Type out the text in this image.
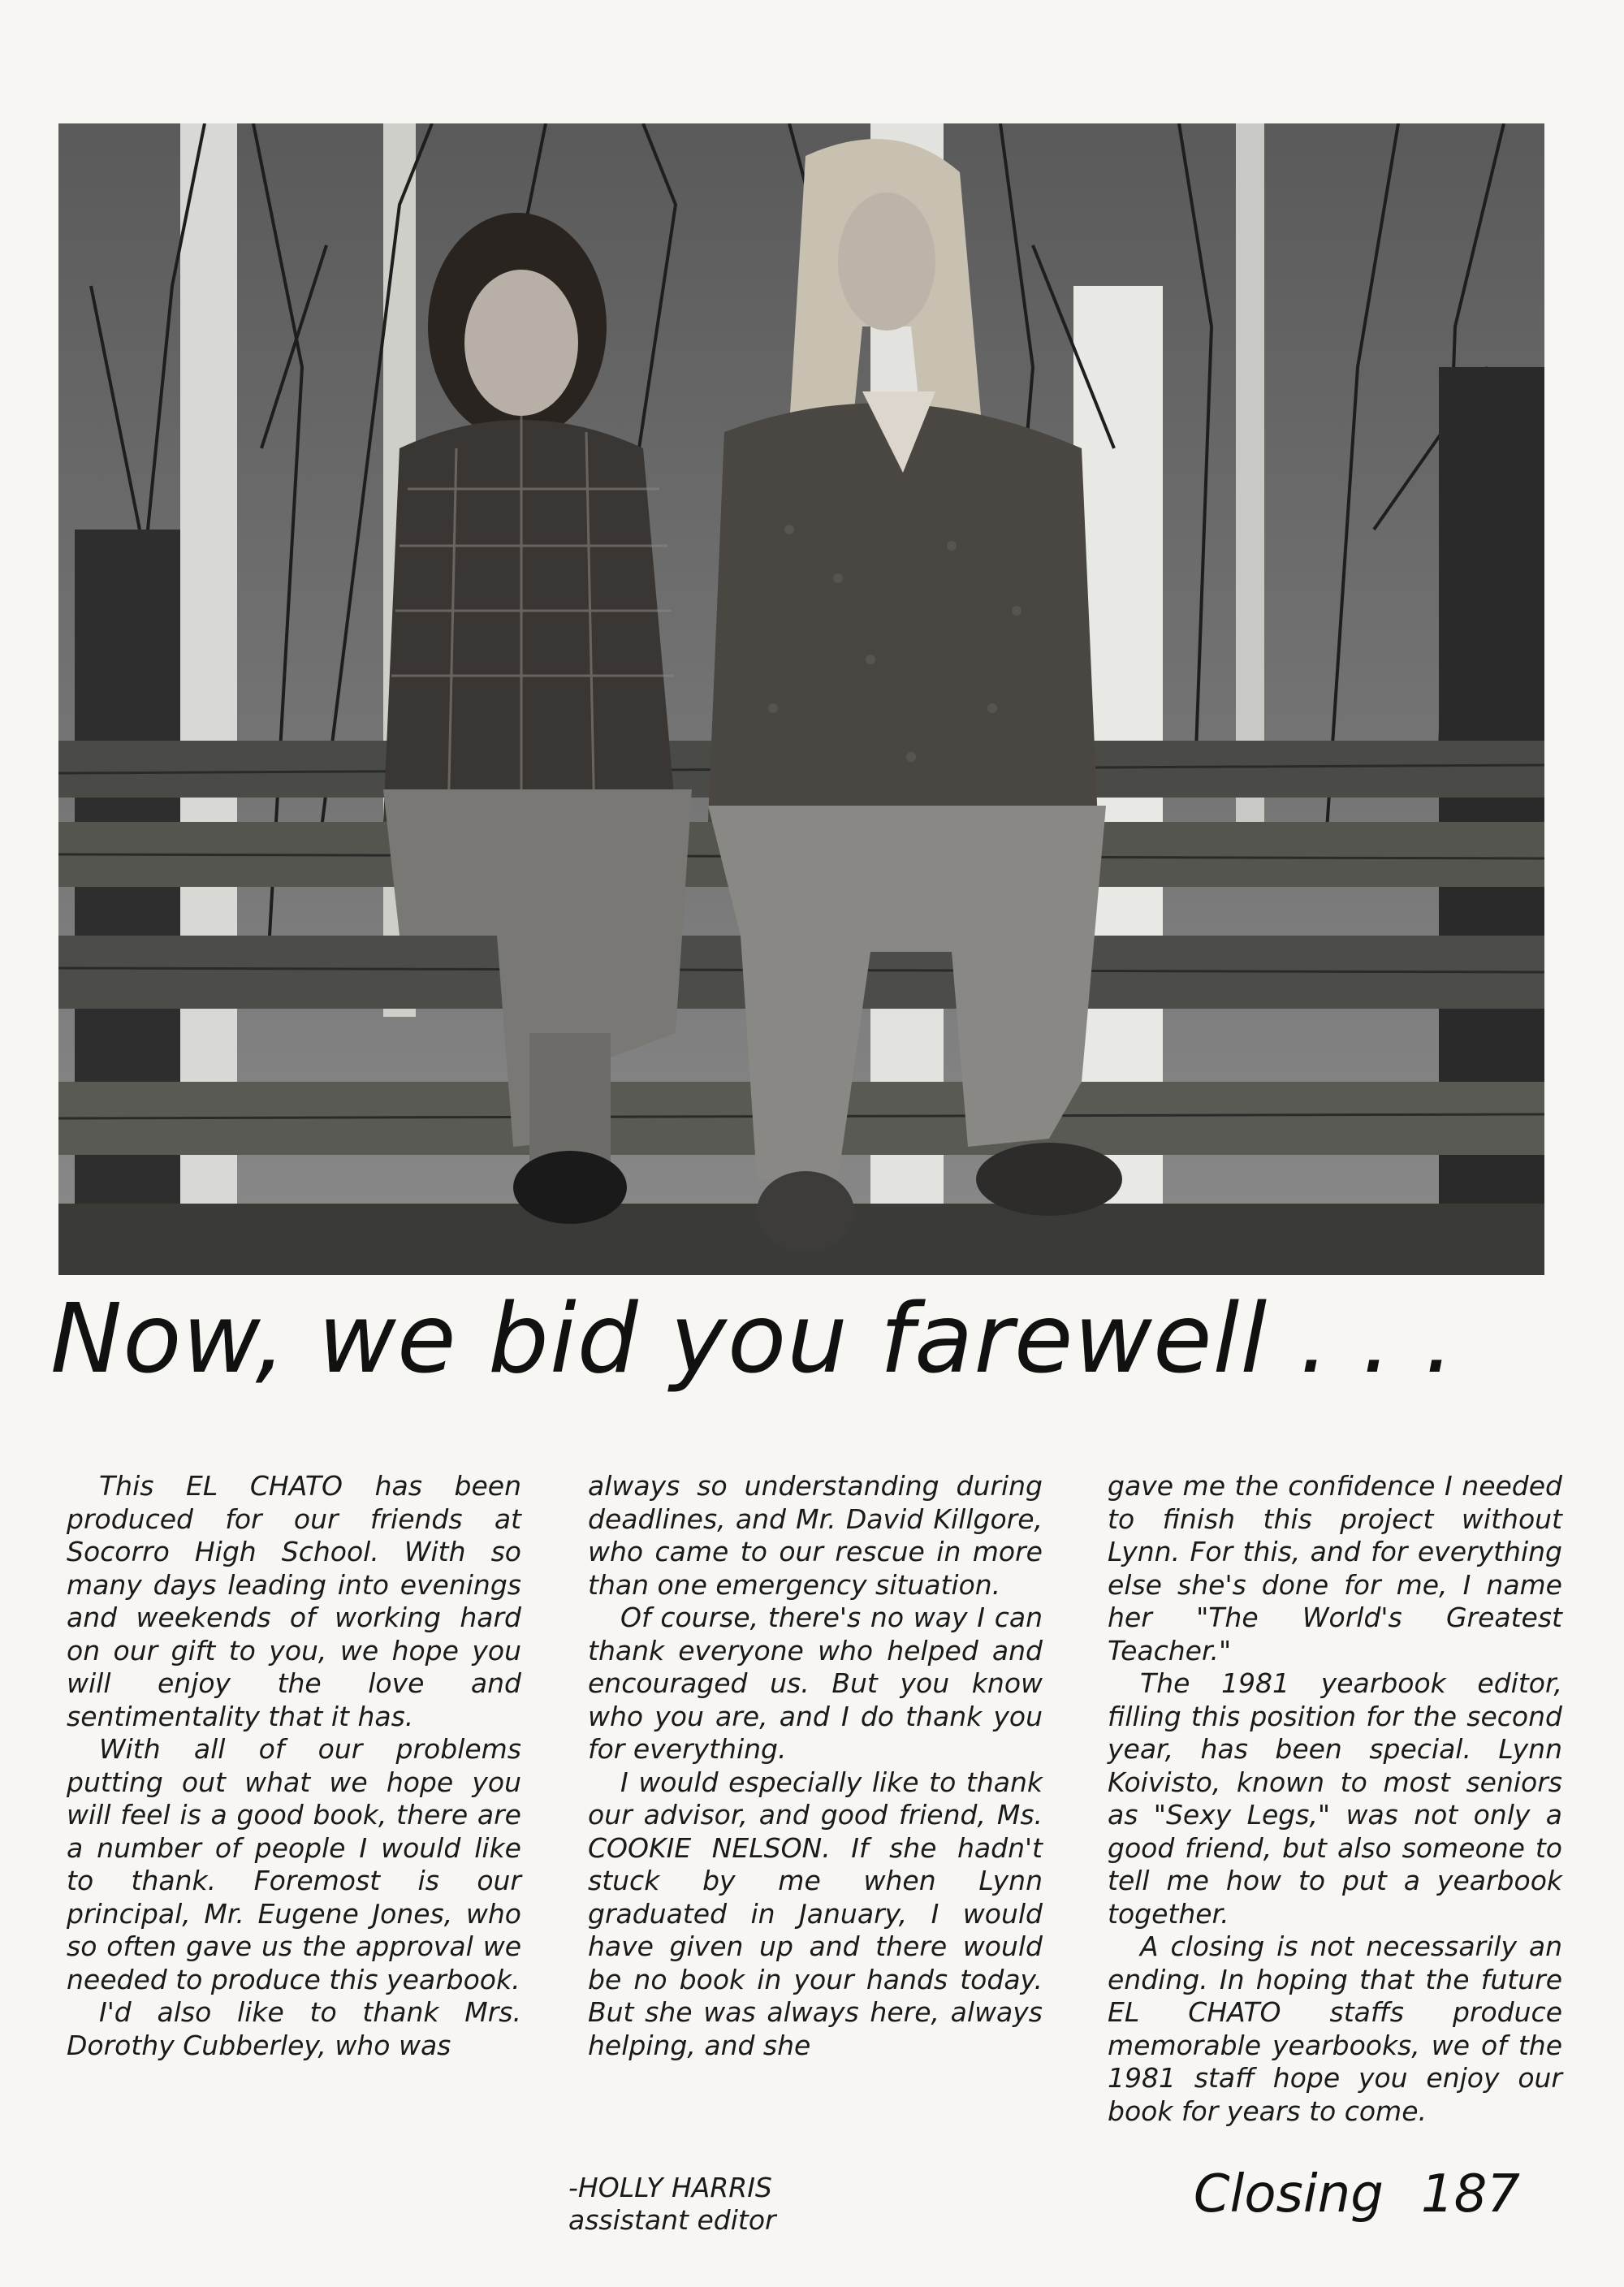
Now, we bid you farewell . . .

This EL CHATO has been produced for our friends at Socorro High School. With so many days leading into evenings and weekends of working hard on our gift to you, we hope you will enjoy the love and sentimentality that it has.

With all of our problems putting out what we hope you will feel is a good book, there are a number of people I would like to thank. Foremost is our principal, Mr. Eugene Jones, who so often gave us the approval we needed to produce this yearbook.

I'd also like to thank Mrs. Dorothy Cubberley, who was

always so understanding during deadlines, and Mr. David Killgore, who came to our rescue in more than one emergency situation.

Of course, there's no way I can thank everyone who helped and encouraged us. But you know who you are, and I do thank you for everything.

I would especially like to thank our advisor, and good friend, Ms. COOKIE NELSON. If she hadn't stuck by me when Lynn graduated in January, I would have given up and there would be no book in your hands today. But she was always here, always helping, and she

gave me the confidence I needed to finish this project without Lynn. For this, and for everything else she's done for me, I name her "The World's Greatest Teacher."

The 1981 yearbook editor, filling this position for the second year, has been special. Lynn Koivisto, known to most seniors as "Sexy Legs," was not only a good friend, but also someone to tell me how to put a yearbook together.

A closing is not necessarily an ending. In hoping that the future EL CHATO staffs produce memorable yearbooks, we of the 1981 staff hope you enjoy our book for years to come.

-HOLLY HARRIS
assistant editor	Closing 187
